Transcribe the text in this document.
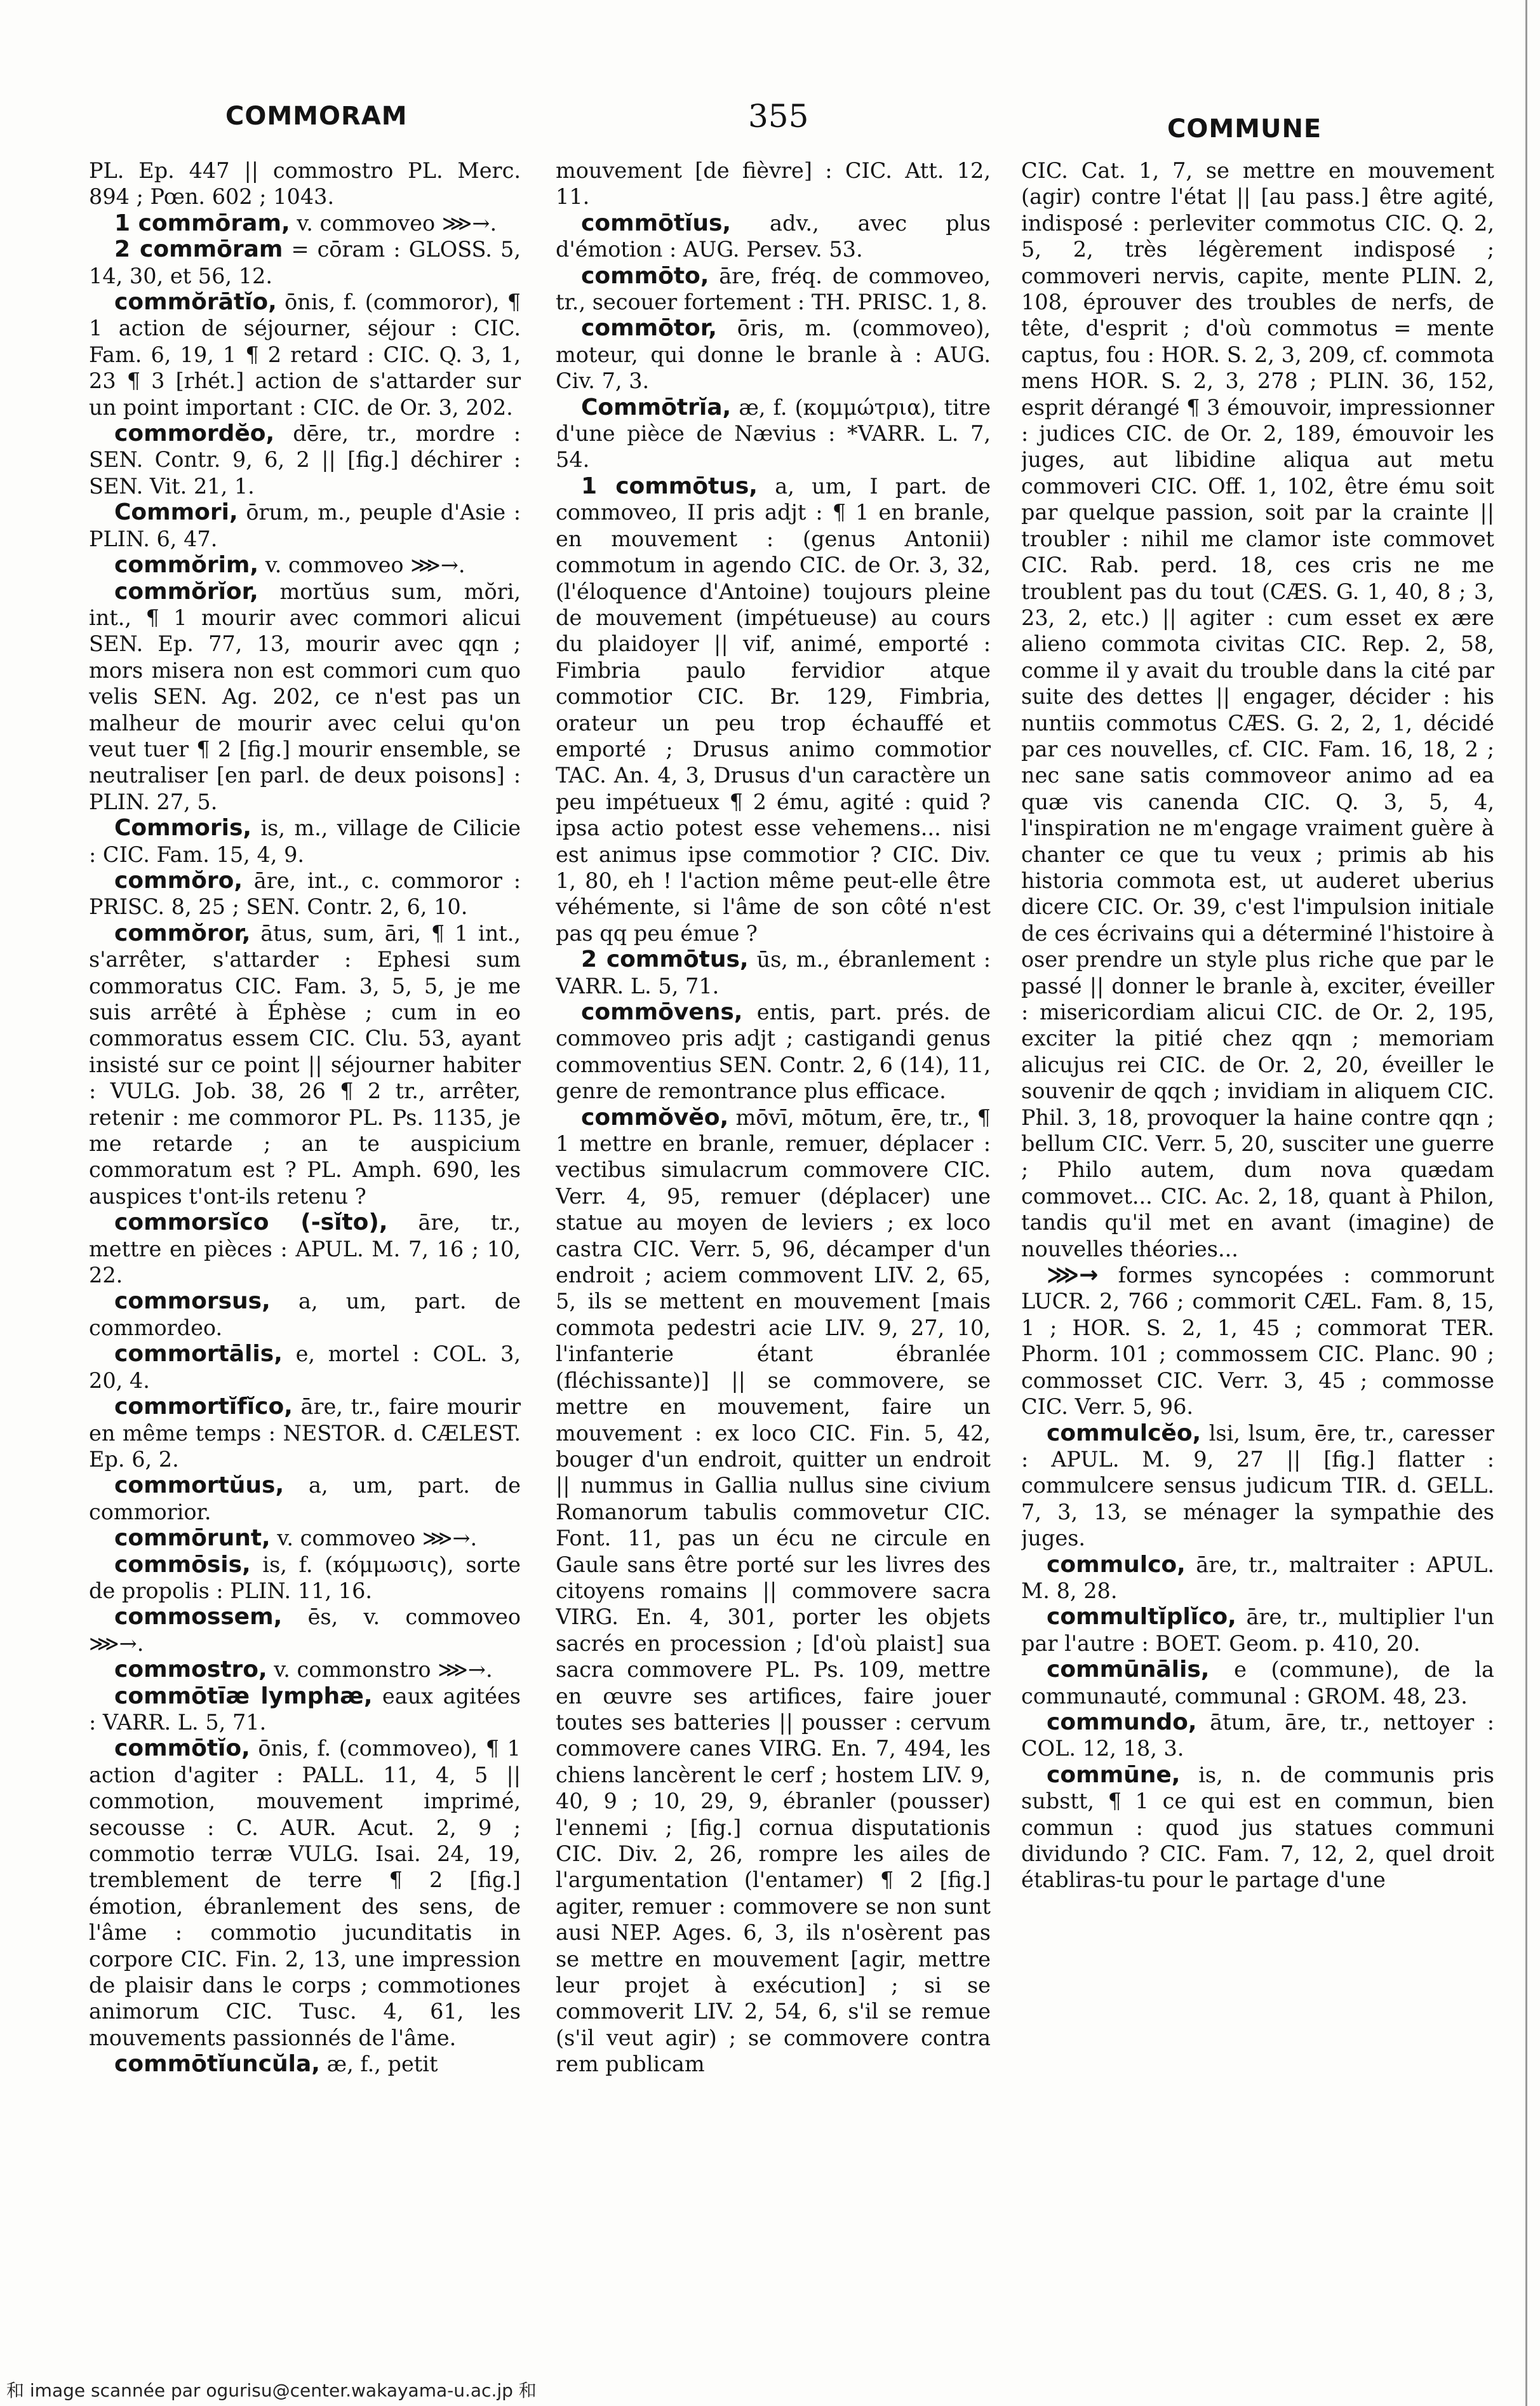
COMMORAM	355	COMMUNE

PL. Ep. 447 || commostro PL. Merc. 894 ; Pœn. 602 ; 1043.

1 commōram, v. commoveo ⋙→.

2 commōram = cōram : GLOSS. 5, 14, 30, et 56, 12.

commŏrātĭo, ōnis, f. (commoror), ¶ 1 action de séjourner, séjour : CIC. Fam. 6, 19, 1 ¶ 2 retard : CIC. Q. 3, 1, 23 ¶ 3 [rhét.] action de s'attarder sur un point important : CIC. de Or. 3, 202.

commordĕo, dēre, tr., mordre : SEN. Contr. 9, 6, 2 || [fig.] déchirer : SEN. Vit. 21, 1.

Commori, ōrum, m., peuple d'Asie : PLIN. 6, 47.

commŏrim, v. commoveo ⋙→.

commŏrĭor, mortŭus sum, mŏri, int., ¶ 1 mourir avec commori alicui SEN. Ep. 77, 13, mourir avec qqn ; mors misera non est commori cum quo velis SEN. Ag. 202, ce n'est pas un malheur de mourir avec celui qu'on veut tuer ¶ 2 [fig.] mourir ensemble, se neutraliser [en parl. de deux poisons] : PLIN. 27, 5.

Commoris, is, m., village de Cilicie : CIC. Fam. 15, 4, 9.

commŏro, āre, int., c. commoror : PRISC. 8, 25 ; SEN. Contr. 2, 6, 10.

commŏror, ātus, sum, āri, ¶ 1 int., s'arrêter, s'attarder : Ephesi sum commoratus CIC. Fam. 3, 5, 5, je me suis arrêté à Éphèse ; cum in eo commoratus essem CIC. Clu. 53, ayant insisté sur ce point || séjourner habiter : VULG. Job. 38, 26 ¶ 2 tr., arrêter, retenir : me commoror PL. Ps. 1135, je me retarde ; an te auspicium commoratum est ? PL. Amph. 690, les auspices t'ont-ils retenu ?

commorsĭco (-sĭto), āre, tr., mettre en pièces : APUL. M. 7, 16 ; 10, 22.

commorsus, a, um, part. de commordeo.

commortālis, e, mortel : COL. 3, 20, 4.

commortĭfĭco, āre, tr., faire mourir en même temps : NESTOR. d. CÆLEST. Ep. 6, 2.

commortŭus, a, um, part. de commorior.

commōrunt, v. commoveo ⋙→.

commōsis, is, f. (κόμμωσις), sorte de propolis : PLIN. 11, 16.

commossem, ēs, v. commoveo ⋙→.

commostro, v. commonstro ⋙→.

commōtīæ lymphæ, eaux agitées : VARR. L. 5, 71.

commōtĭo, ōnis, f. (commoveo), ¶ 1 action d'agiter : PALL. 11, 4, 5 || commotion, mouvement imprimé, secousse : C. AUR. Acut. 2, 9 ; commotio terræ VULG. Isai. 24, 19, tremblement de terre ¶ 2 [fig.] émotion, ébranlement des sens, de l'âme : commotio jucunditatis in corpore CIC. Fin. 2, 13, une impression de plaisir dans le corps ; commotiones animorum CIC. Tusc. 4, 61, les mouvements passionnés de l'âme.

commōtĭuncŭla, æ, f., petit

mouvement [de fièvre] : CIC. Att. 12, 11.

commōtĭus, adv., avec plus d'émotion : AUG. Persev. 53.

commōto, āre, fréq. de commoveo, tr., secouer fortement : TH. PRISC. 1, 8.

commōtor, ōris, m. (commoveo), moteur, qui donne le branle à : AUG. Civ. 7, 3.

Commōtrĭa, æ, f. (κομμώτρια), titre d'une pièce de Nævius : *VARR. L. 7, 54.

1 commōtus, a, um, I part. de commoveo, II pris adjt : ¶ 1 en branle, en mouvement : (genus Antonii) commotum in agendo CIC. de Or. 3, 32, (l'éloquence d'Antoine) toujours pleine de mouvement (impétueuse) au cours du plaidoyer || vif, animé, emporté : Fimbria paulo fervidior atque commotior CIC. Br. 129, Fimbria, orateur un peu trop échauffé et emporté ; Drusus animo commotior TAC. An. 4, 3, Drusus d'un caractère un peu impétueux ¶ 2 ému, agité : quid ? ipsa actio potest esse vehemens... nisi est animus ipse commotior ? CIC. Div. 1, 80, eh ! l'action même peut-elle être véhémente, si l'âme de son côté n'est pas qq peu émue ?

2 commōtus, ūs, m., ébranlement : VARR. L. 5, 71.

commōvens, entis, part. prés. de commoveo pris adjt ; castigandi genus commoventius SEN. Contr. 2, 6 (14), 11, genre de remontrance plus efficace.

commŏvĕo, mōvī, mōtum, ēre, tr., ¶ 1 mettre en branle, remuer, déplacer : vectibus simulacrum commovere CIC. Verr. 4, 95, remuer (déplacer) une statue au moyen de leviers ; ex loco castra CIC. Verr. 5, 96, décamper d'un endroit ; aciem commovent LIV. 2, 65, 5, ils se mettent en mouvement [mais commota pedestri acie LIV. 9, 27, 10, l'infanterie étant ébranlée (fléchissante)] || se commovere, se mettre en mouvement, faire un mouvement : ex loco CIC. Fin. 5, 42, bouger d'un endroit, quitter un endroit || nummus in Gallia nullus sine civium Romanorum tabulis commovetur CIC. Font. 11, pas un écu ne circule en Gaule sans être porté sur les livres des citoyens romains || commovere sacra VIRG. En. 4, 301, porter les objets sacrés en procession ; [d'où plaist] sua sacra commovere PL. Ps. 109, mettre en œuvre ses artifices, faire jouer toutes ses batteries || pousser : cervum commovere canes VIRG. En. 7, 494, les chiens lancèrent le cerf ; hostem LIV. 9, 40, 9 ; 10, 29, 9, ébranler (pousser) l'ennemi ; [fig.] cornua disputationis CIC. Div. 2, 26, rompre les ailes de l'argumentation (l'entamer) ¶ 2 [fig.] agiter, remuer : commovere se non sunt ausi NEP. Ages. 6, 3, ils n'osèrent pas se mettre en mouvement [agir, mettre leur projet à exécution] ; si se commoverit LIV. 2, 54, 6, s'il se remue (s'il veut agir) ; se commovere contra rem publicam

CIC. Cat. 1, 7, se mettre en mouvement (agir) contre l'état || [au pass.] être agité, indisposé : perleviter commotus CIC. Q. 2, 5, 2, très légèrement indisposé ; commoveri nervis, capite, mente PLIN. 2, 108, éprouver des troubles de nerfs, de tête, d'esprit ; d'où commotus = mente captus, fou : HOR. S. 2, 3, 209, cf. commota mens HOR. S. 2, 3, 278 ; PLIN. 36, 152, esprit dérangé ¶ 3 émouvoir, impressionner : judices CIC. de Or. 2, 189, émouvoir les juges, aut libidine aliqua aut metu commoveri CIC. Off. 1, 102, être ému soit par quelque passion, soit par la crainte || troubler : nihil me clamor iste commovet CIC. Rab. perd. 18, ces cris ne me troublent pas du tout (CÆS. G. 1, 40, 8 ; 3, 23, 2, etc.) || agiter : cum esset ex ære alieno commota civitas CIC. Rep. 2, 58, comme il y avait du trouble dans la cité par suite des dettes || engager, décider : his nuntiis commotus CÆS. G. 2, 2, 1, décidé par ces nouvelles, cf. CIC. Fam. 16, 18, 2 ; nec sane satis commoveor animo ad ea quæ vis canenda CIC. Q. 3, 5, 4, l'inspiration ne m'engage vraiment guère à chanter ce que tu veux ; primis ab his historia commota est, ut auderet uberius dicere CIC. Or. 39, c'est l'impulsion initiale de ces écrivains qui a déterminé l'histoire à oser prendre un style plus riche que par le passé || donner le branle à, exciter, éveiller : misericordiam alicui CIC. de Or. 2, 195, exciter la pitié chez qqn ; memoriam alicujus rei CIC. de Or. 2, 20, éveiller le souvenir de qqch ; invidiam in aliquem CIC. Phil. 3, 18, provoquer la haine contre qqn ; bellum CIC. Verr. 5, 20, susciter une guerre ; Philo autem, dum nova quædam commovet... CIC. Ac. 2, 18, quant à Philon, tandis qu'il met en avant (imagine) de nouvelles théories...

⋙→ formes syncopées : commorunt LUCR. 2, 766 ; commorit CÆL. Fam. 8, 15, 1 ; HOR. S. 2, 1, 45 ; commorat TER. Phorm. 101 ; commossem CIC. Planc. 90 ; commosset CIC. Verr. 3, 45 ; commosse CIC. Verr. 5, 96.

commulcĕo, lsi, lsum, ēre, tr., caresser : APUL. M. 9, 27 || [fig.] flatter : commulcere sensus judicum TIR. d. GELL. 7, 3, 13, se ménager la sympathie des juges.

commulco, āre, tr., maltraiter : APUL. M. 8, 28.

commultĭplĭco, āre, tr., multiplier l'un par l'autre : BOET. Geom. p. 410, 20.

commūnālis, e (commune), de la communauté, communal : GROM. 48, 23.

commundo, ātum, āre, tr., nettoyer : COL. 12, 18, 3.

commūne, is, n. de communis pris substt, ¶ 1 ce qui est en commun, bien commun : quod jus statues communi dividundo ? CIC. Fam. 7, 12, 2, quel droit établiras-tu pour le partage d'une

和 image scannée par ogurisu@center.wakayama-u.ac.jp 和
